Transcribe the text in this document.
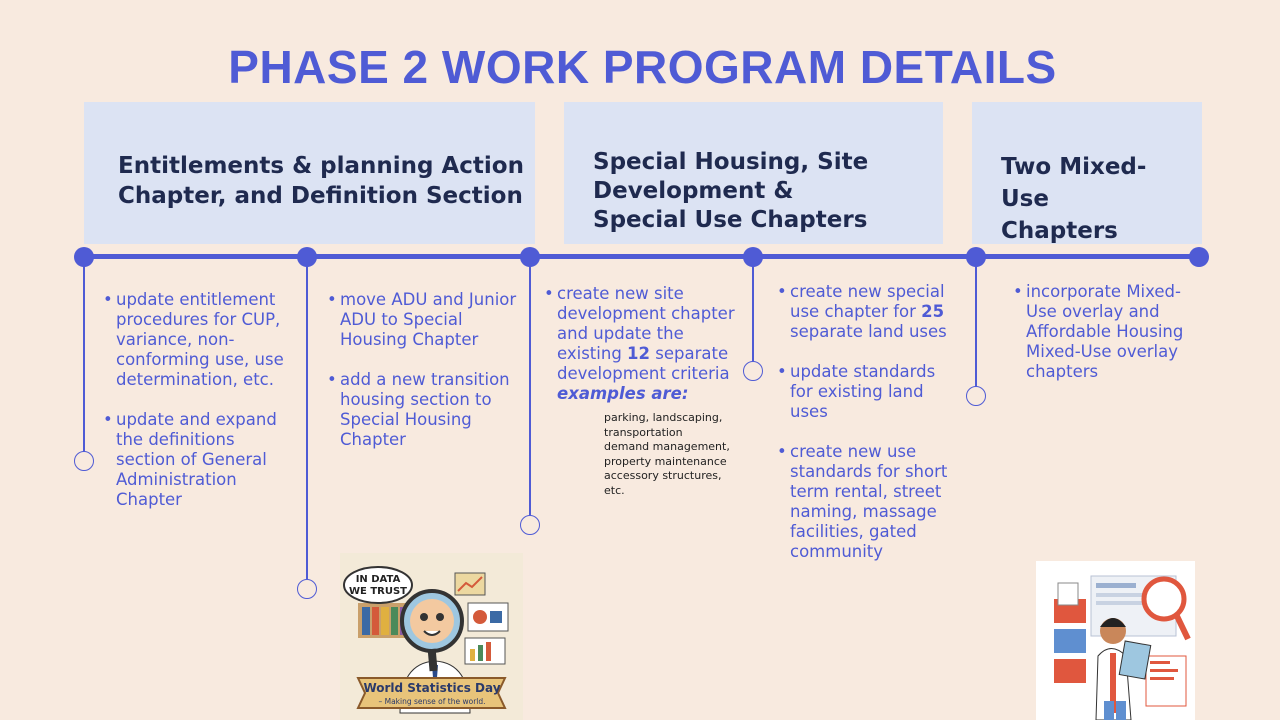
PHASE 2 WORK PROGRAM DETAILS
Entitlements & planning Action
Chapter, and Definition Section
Special Housing, Site
Development &
Special Use Chapters
Two Mixed-
Use
Chapters
• update entitlement procedures for CUP, variance, non-conforming use, use determination, etc.
• update and expand the definitions section of General Administration Chapter
• move ADU and Junior ADU to Special Housing Chapter
• add a new transition housing section to Special Housing Chapter
• create new site development chapter and update the existing 12 separate development criteria examples are:
parking, landscaping,
transportation
demand management,
property maintenance
accessory structures,
etc.
• create new special use chapter for 25 separate land uses
• update standards for existing land uses
• create new use standards for short term rental, street naming, massage facilities, gated community
• incorporate Mixed-Use overlay and Affordable Housing Mixed-Use overlay chapters
IN DATA
WE TRUST
World Statistics Day
– Making sense of the world.
